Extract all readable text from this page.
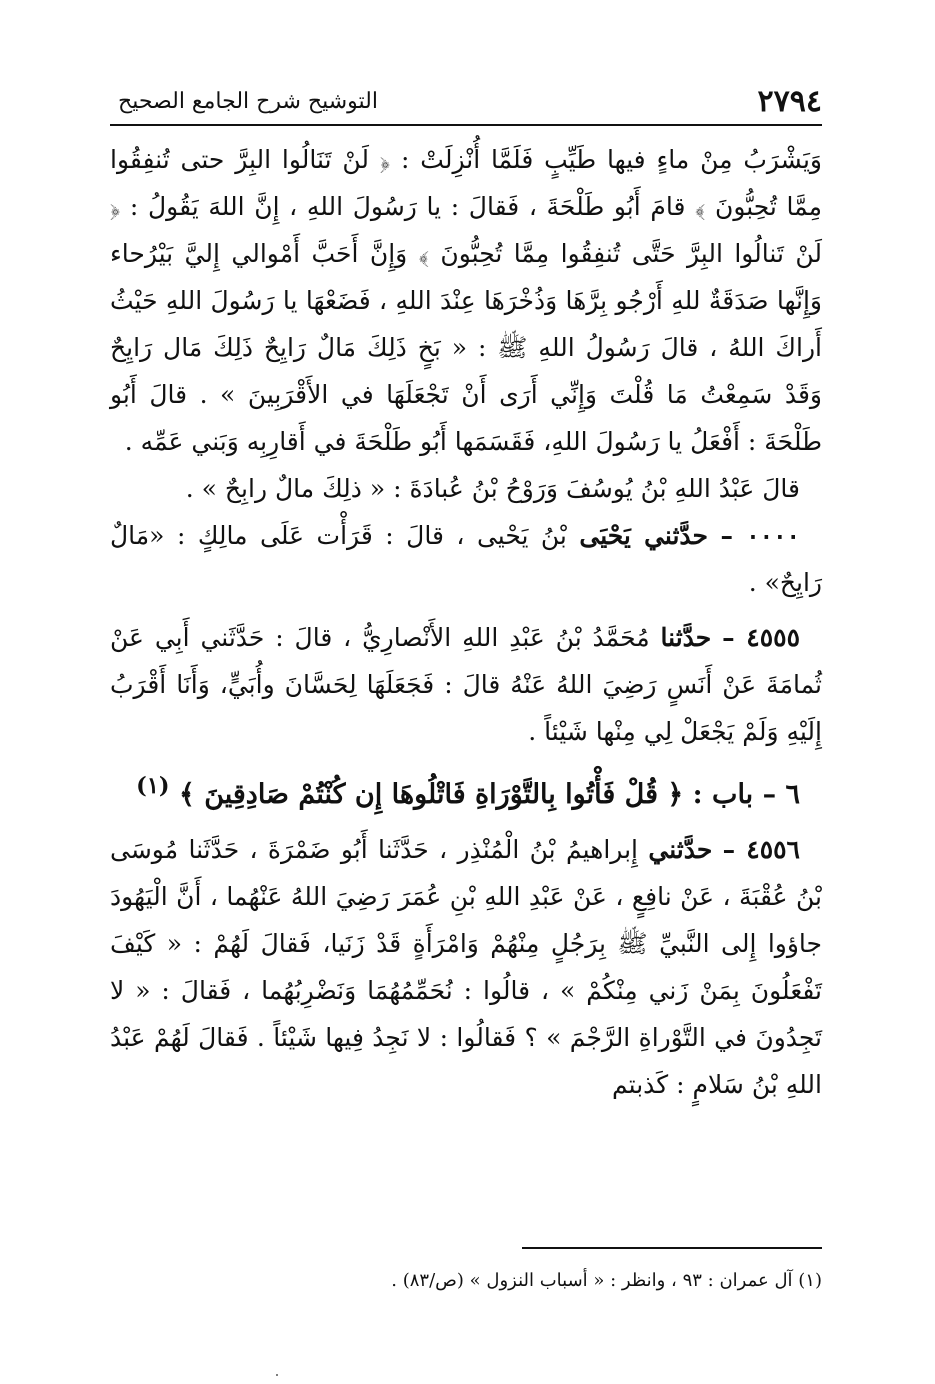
٢٧٩٤
التوشيح شرح الجامع الصحيح

وَيَشْرَبُ مِنْ ماءٍ فيها طَيِّبٍ فَلَمَّا أُنْزِلَتْ : ﴿ لَنْ تَنَالُوا البِرَّ حتى تُنفِقُوا مِمَّا تُحِبُّونَ ﴾ قامَ أَبُو طَلْحَةَ ، فَقالَ : يا رَسُولَ اللهِ ، إِنَّ اللهَ يَقُولُ : ﴿ لَنْ تَنالُوا البِرَّ حَتَّى تُنفِقُوا مِمَّا تُحِبُّونَ ﴾ وَإِنَّ أَحَبَّ أَمْوالي إِليَّ بَيْرُحاء وَإِنَّها صَدَقَةٌ للهِ أَرْجُو بِرَّهَا وَذُخْرَهَا عِنْدَ اللهِ ، فَضَعْهَا يا رَسُولَ اللهِ حَيْثُ أَراكَ اللهُ ، قالَ رَسُولُ اللهِ ﷺ : « بَخٍ ذَلِكَ مَالٌ رَايِحٌ ذَلِكَ مَال رَايِحٌ وَقَدْ سَمِعْتُ مَا قُلْتَ وَإِنِّي أَرَى أَنْ تَجْعَلَهَا في الأَقْرَبِينَ » . قالَ أَبُو طَلْحَةَ : أَفْعَلُ يا رَسُولَ اللهِ، فَقَسَمَها أَبُو طَلْحَةَ في أَقارِبِه وَبَني عَمِّه .

قالَ عَبْدُ اللهِ بْنُ يُوسُفَ وَرَوْحُ بْنُ عُبادَةَ : « ذلِكَ مالٌ رابِحٌ » .

٠٠٠٠ – حدَّثني يَحْيَى بْنُ يَحْيى ، قالَ : قَرَأْت عَلَى مالِكٍ : «مَالٌ رَايِحٌ» .

٤٥٥٥ – حدَّثنا مُحَمَّدُ بْنُ عَبْدِ اللهِ الأَنْصارِيُّ ، قالَ : حَدَّثَني أَبِي عَنْ ثُمامَةَ عَنْ أَنَسٍ رَضِيَ اللهُ عَنْهُ قالَ : فَجَعَلَهَا لِحَسَّانَ وأُبَيٍّ، وَأَنَا أَقْرَبُ إِلَيْهِ وَلَمْ يَجْعَلْ لِي مِنْها شَيْئاً .

٦ – باب : ﴿ قُلْ فَأْتُوا بِالتَّوْرَاةِ فَاتْلُوهَا إِن كُنْتُمْ صَادِقِينَ ﴾ $^{(١)}$

٤٥٥٦ – حدَّثني إِبراهيمُ بْنُ الْمُنْذِر ، حَدَّثَنا أَبُو ضَمْرَةَ ، حَدَّثَنا مُوسَى بْنُ عُقْبَةَ ، عَنْ نافِعٍ ، عَنْ عَبْدِ اللهِ بْنِ عُمَرَ رَضِيَ اللهُ عَنْهُما ، أَنَّ الْيَهُودَ جاؤوا إِلى النَّبيِّ ﷺ بِرَجُلٍ مِنْهُمْ وَامْرَأَةٍ قَدْ زَنَيا، فَقالَ لَهُمْ : « كَيْفَ تَفْعَلُونَ بِمَنْ زَني مِنْكُمْ » ، قالُوا : نُحَمِّمُهُمَا وَنَضْرِبُهُما ، فَقالَ : « لا تَجِدُونَ في التَّوْراةِ الرَّجْمَ » ؟ فَقالُوا : لا نَجِدُ فِيها شَيْئاً . فَقالَ لَهُمْ عَبْدُ اللهِ بْنُ سَلامٍ : كَذبتم

(١) آل عمران : ٩٣ ، وانظر : « أسباب النزول » (ص/٨٣) .
